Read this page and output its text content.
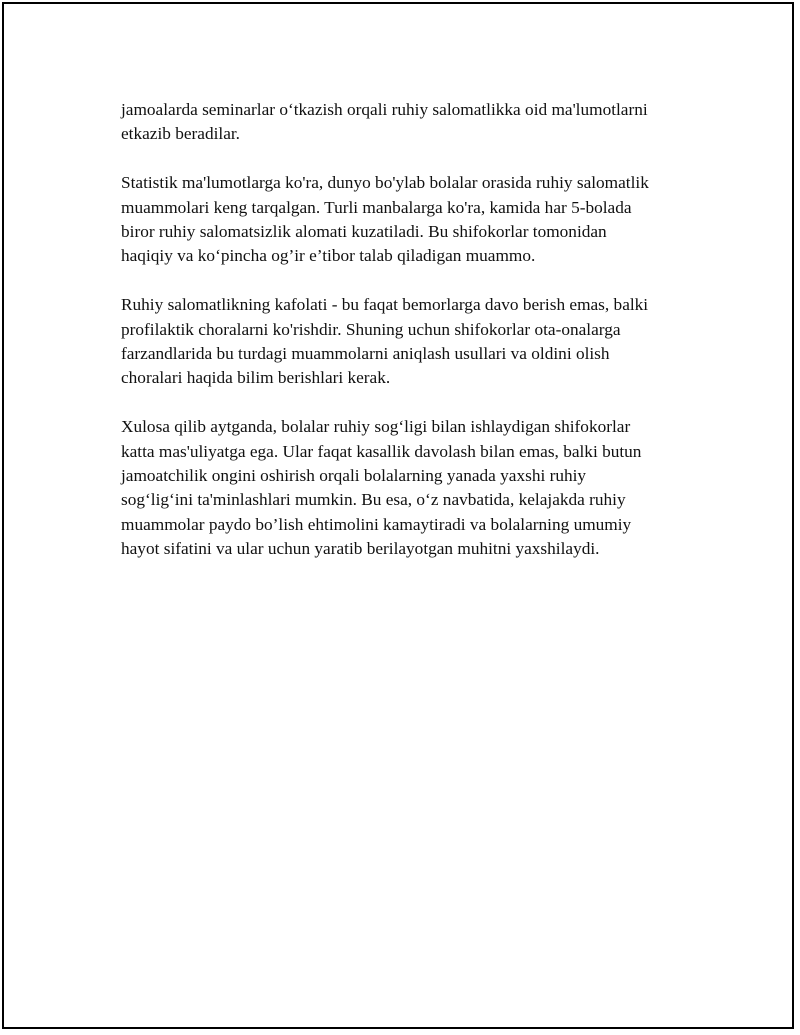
jamoalarda seminarlar o‘tkazish orqali ruhiy salomatlikka oid ma'lumotlarni
etkazib beradilar.

Statistik ma'lumotlarga ko'ra, dunyo bo'ylab bolalar orasida ruhiy salomatlik
muammolari keng tarqalgan. Turli manbalarga ko'ra, kamida har 5-bolada
biror ruhiy salomatsizlik alomati kuzatiladi. Bu shifokorlar tomonidan
haqiqiy va ko‘pincha og’ir e’tibor talab qiladigan muammo.

Ruhiy salomatlikning kafolati - bu faqat bemorlarga davo berish emas, balki
profilaktik choralarni ko'rishdir. Shuning uchun shifokorlar ota-onalarga
farzandlarida bu turdagi muammolarni aniqlash usullari va oldini olish
choralari haqida bilim berishlari kerak.

Xulosa qilib aytganda, bolalar ruhiy sog‘ligi bilan ishlaydigan shifokorlar
katta mas'uliyatga ega. Ular faqat kasallik davolash bilan emas, balki butun
jamoatchilik ongini oshirish orqali bolalarning yanada yaxshi ruhiy
sog‘lig‘ini ta'minlashlari mumkin. Bu esa, o‘z navbatida, kelajakda ruhiy
muammolar paydo bo’lish ehtimolini kamaytiradi va bolalarning umumiy
hayot sifatini va ular uchun yaratib berilayotgan muhitni yaxshilaydi.
